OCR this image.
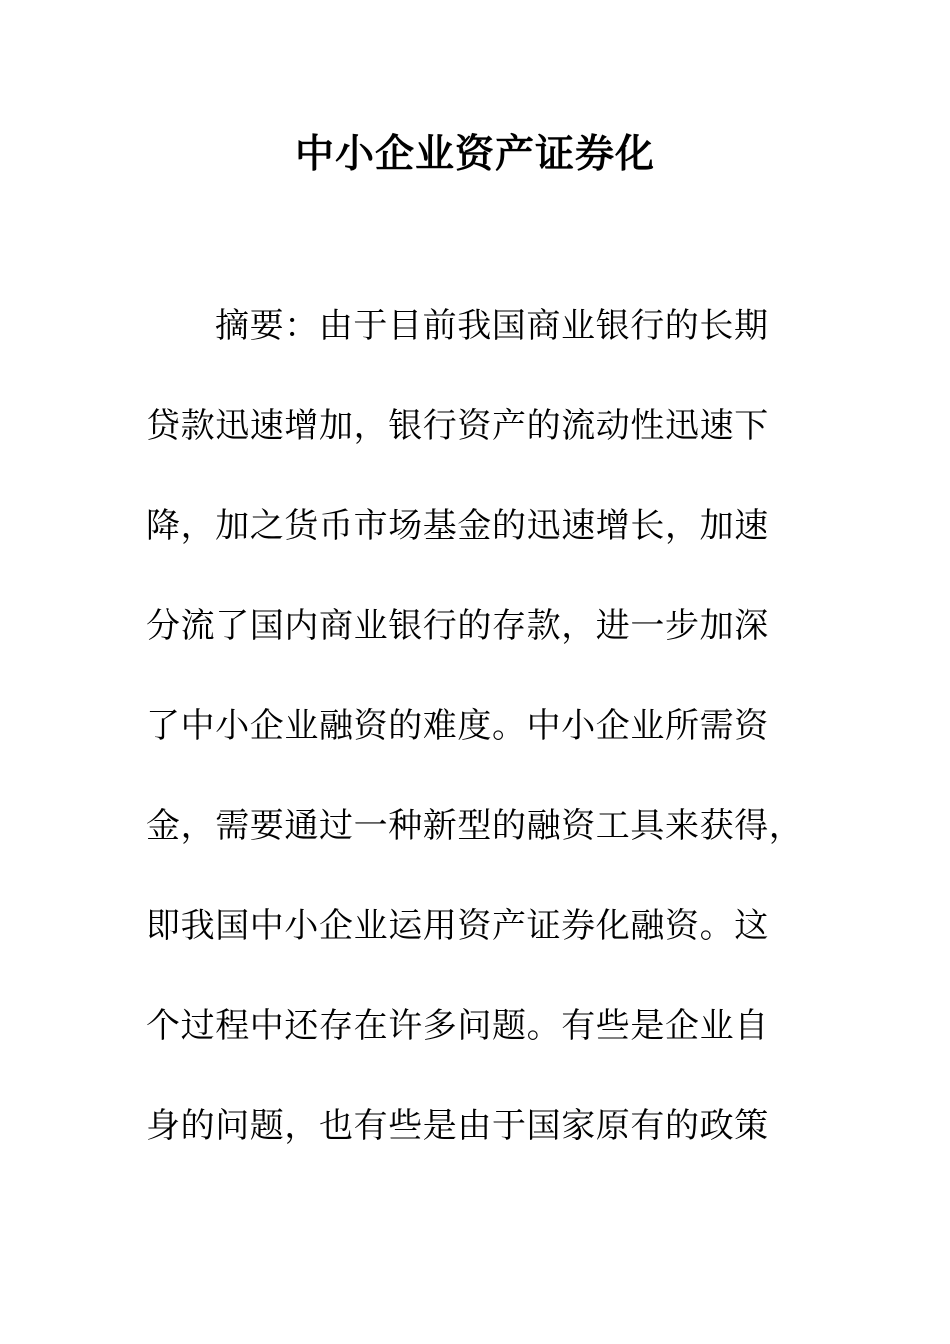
中小企业资产证券化
摘要：由于目前我国商业银行的长期
贷款迅速增加，银行资产的流动性迅速下
降，加之货币市场基金的迅速增长，加速
分流了国内商业银行的存款，进一步加深
了中小企业融资的难度。中小企业所需资
金，需要通过一种新型的融资工具来获得，
即我国中小企业运用资产证券化融资。这
个过程中还存在许多问题。有些是企业自
身的问题，也有些是由于国家原有的政策
